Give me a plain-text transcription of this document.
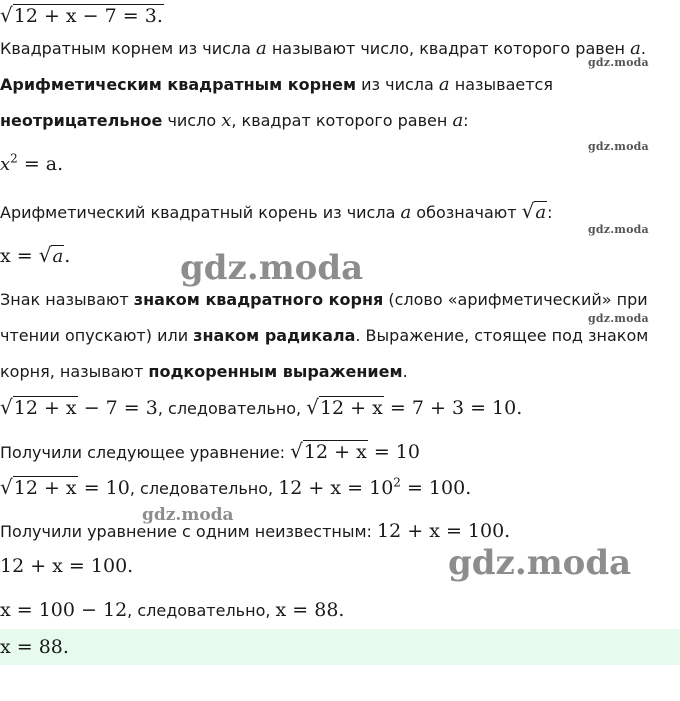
√12 + x − 7 = 3.
Квадратным корнем из числа a называют число, квадрат которого равен a.
Арифметическим квадратным корнем из числа a называется
неотрицательное число x, квадрат которого равен a:
$x^2 = a$.
Арифметический квадратный корень из числа a обозначают √a:
x = √a.
Знак называют знаком квадратного корня (слово «арифметический» при
чтении опускают) или знаком радикала. Выражение, стоящее под знаком
корня, называют подкоренным выражением.
√12 + x − 7 = 3, следовательно, √12 + x = 7 + 3 = 10.
Получили следующее уравнение: √12 + x = 10
√12 + x = 10, следовательно, $12 + x = 10^2 = 100$.
Получили уравнение с одним неизвестным: 12 + x = 100.
12 + x = 100.
x = 100 − 12, следовательно, x = 88.
x = 88.
gdz.moda
gdz.moda
gdz.moda
gdz.moda
gdz.moda
gdz.moda
gdz.moda
